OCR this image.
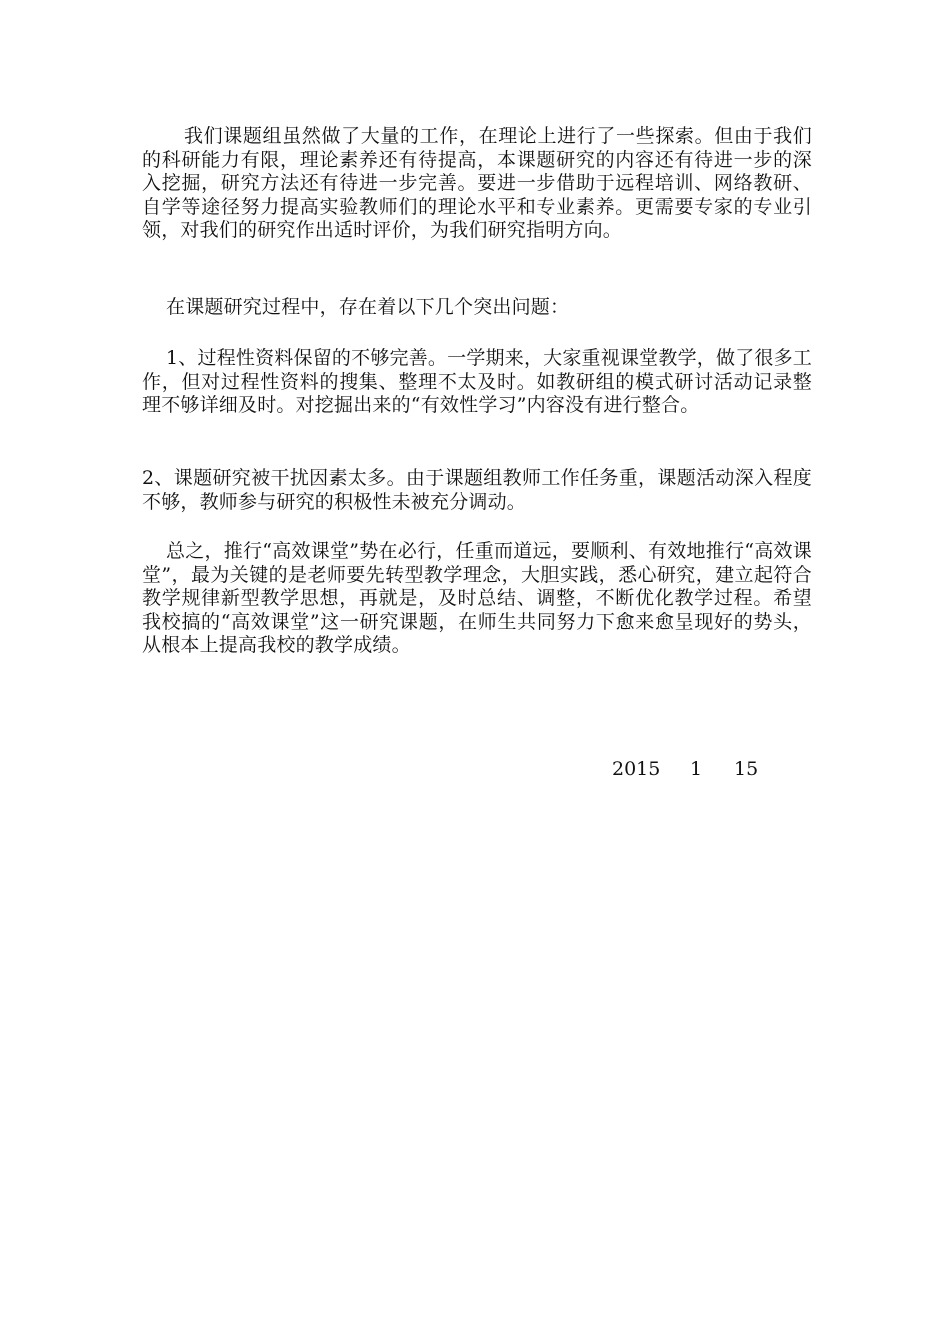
我们课题组虽然做了大量的工作，在理论上进行了一些探索。但由于我们的科研能力有限，理论素养还有待提高，本课题研究的内容还有待进一步的深入挖掘，研究方法还有待进一步完善。要进一步借助于远程培训、网络教研、自学等途径努力提高实验教师们的理论水平和专业素养。更需要专家的专业引领，对我们的研究作出适时评价，为我们研究指明方向。

在课题研究过程中，存在着以下几个突出问题：

1、过程性资料保留的不够完善。一学期来，大家重视课堂教学，做了很多工作，但对过程性资料的搜集、整理不太及时。如教研组的模式研讨活动记录整理不够详细及时。对挖掘出来的“有效性学习”内容没有进行整合。

2、课题研究被干扰因素太多。由于课题组教师工作任务重，课题活动深入程度不够，教师参与研究的积极性未被充分调动。

总之，推行“高效课堂”势在必行，任重而道远，要顺利、有效地推行“高效课堂”，最为关键的是老师要先转型教学理念，大胆实践，悉心研究，建立起符合教学规律新型教学思想，再就是，及时总结、调整，不断优化教学过程。希望我校搞的“高效课堂”这一研究课题，在师生共同努力下愈来愈呈现好的势头，从根本上提高我校的教学成绩。

2015	1	15
